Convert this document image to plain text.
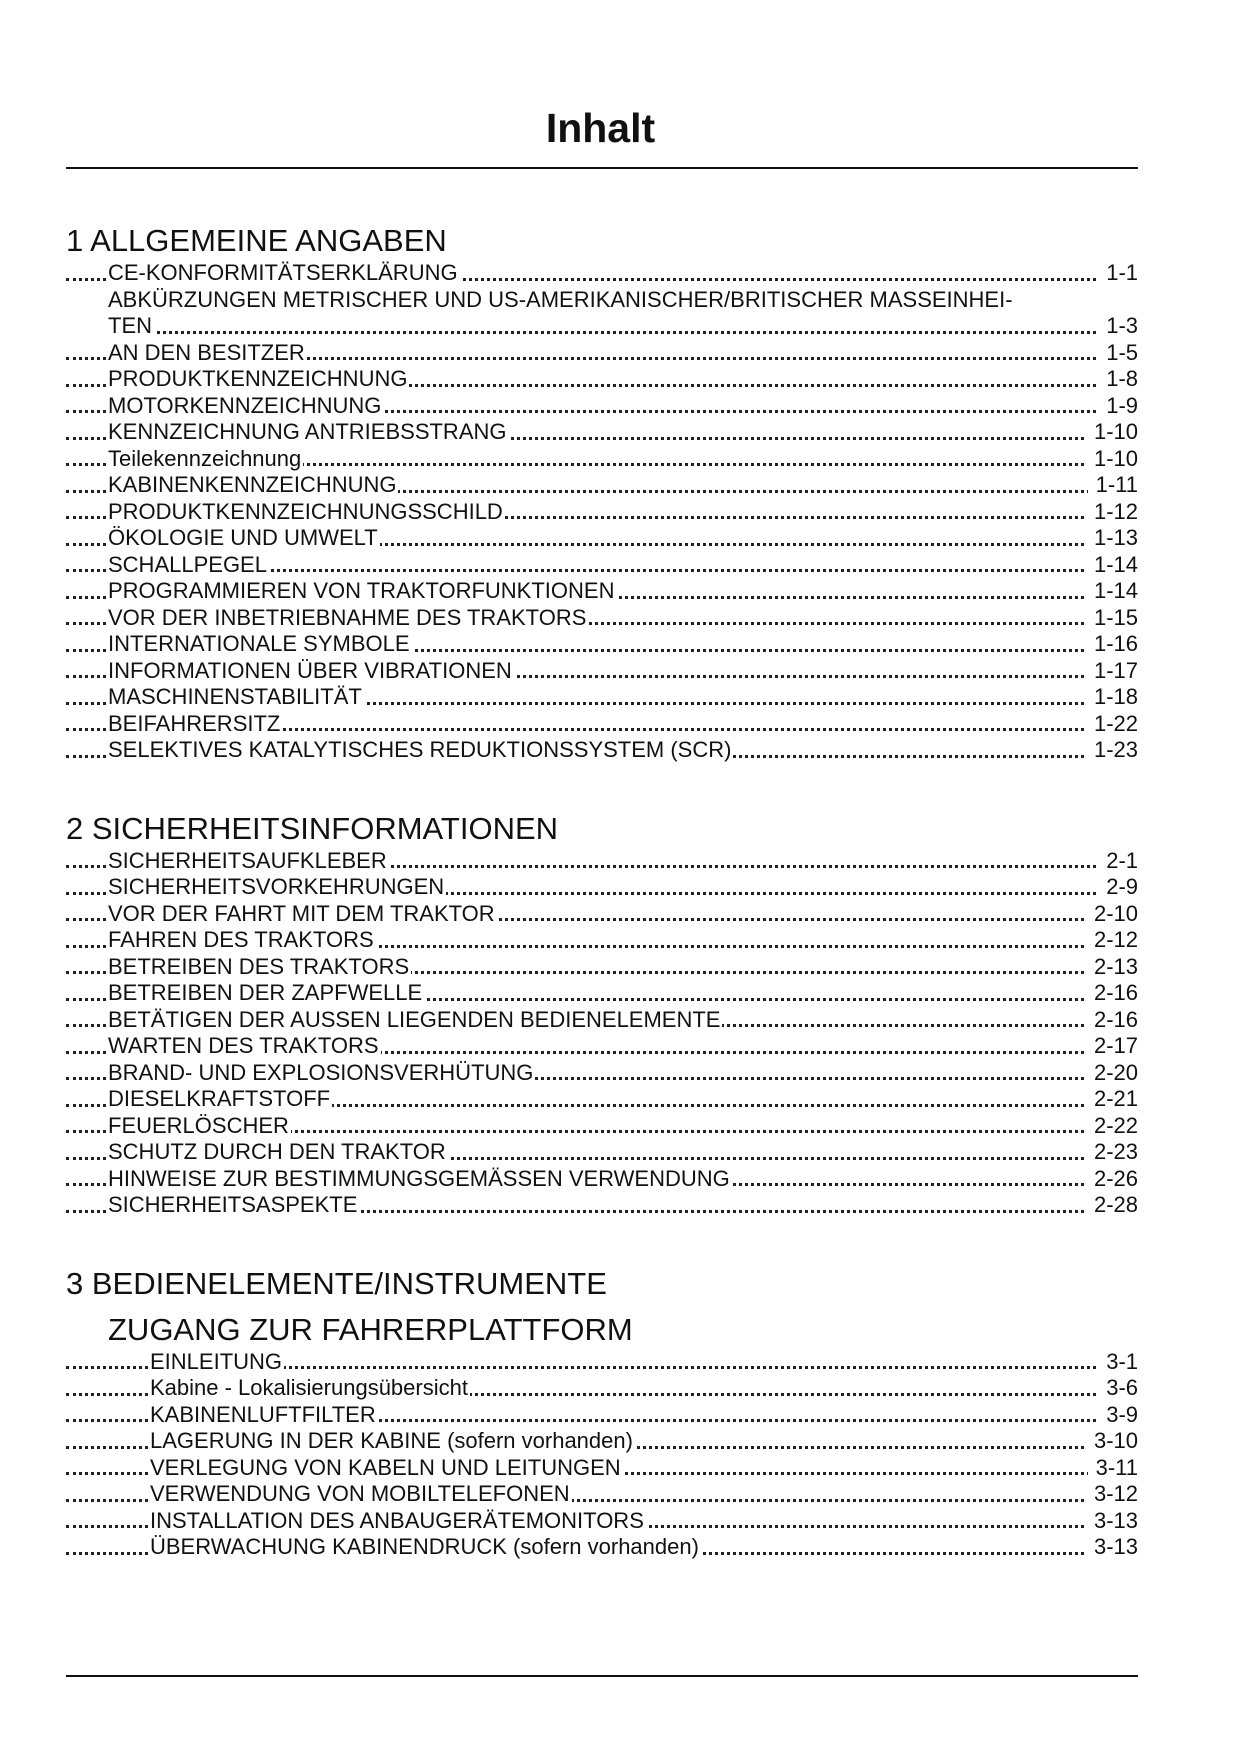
Inhalt
1 ALLGEMEINE ANGABEN
CE-KONFORMITÄTSERKLÄRUNG	1-1
ABKÜRZUNGEN METRISCHER UND US-AMERIKANISCHER/BRITISCHER MASSEINHEI-
TEN	1-3
AN DEN BESITZER	1-5
PRODUKTKENNZEICHNUNG	1-8
MOTORKENNZEICHNUNG	1-9
KENNZEICHNUNG ANTRIEBSSTRANG	1-10
Teilekennzeichnung	1-10
KABINENKENNZEICHNUNG	1-11
PRODUKTKENNZEICHNUNGSSCHILD	1-12
ÖKOLOGIE UND UMWELT	1-13
SCHALLPEGEL	1-14
PROGRAMMIEREN VON TRAKTORFUNKTIONEN	1-14
VOR DER INBETRIEBNAHME DES TRAKTORS	1-15
INTERNATIONALE SYMBOLE	1-16
INFORMATIONEN ÜBER VIBRATIONEN	1-17
MASCHINENSTABILITÄT	1-18
BEIFAHRERSITZ	1-22
SELEKTIVES KATALYTISCHES REDUKTIONSSYSTEM (SCR)	1-23
2 SICHERHEITSINFORMATIONEN
SICHERHEITSAUFKLEBER	2-1
SICHERHEITSVORKEHRUNGEN	2-9
VOR DER FAHRT MIT DEM TRAKTOR	2-10
FAHREN DES TRAKTORS	2-12
BETREIBEN DES TRAKTORS	2-13
BETREIBEN DER ZAPFWELLE	2-16
BETÄTIGEN DER AUSSEN LIEGENDEN BEDIENELEMENTE	2-16
WARTEN DES TRAKTORS	2-17
BRAND- UND EXPLOSIONSVERHÜTUNG	2-20
DIESELKRAFTSTOFF	2-21
FEUERLÖSCHER	2-22
SCHUTZ DURCH DEN TRAKTOR	2-23
HINWEISE ZUR BESTIMMUNGSGEMÄSSEN VERWENDUNG	2-26
SICHERHEITSASPEKTE	2-28
3 BEDIENELEMENTE/INSTRUMENTE
ZUGANG ZUR FAHRERPLATTFORM
EINLEITUNG	3-1
Kabine - Lokalisierungsübersicht	3-6
KABINENLUFTFILTER	3-9
LAGERUNG IN DER KABINE (sofern vorhanden)	3-10
VERLEGUNG VON KABELN UND LEITUNGEN	3-11
VERWENDUNG VON MOBILTELEFONEN	3-12
INSTALLATION DES ANBAUGERÄTEMONITORS	3-13
ÜBERWACHUNG KABINENDRUCK (sofern vorhanden)	3-13
